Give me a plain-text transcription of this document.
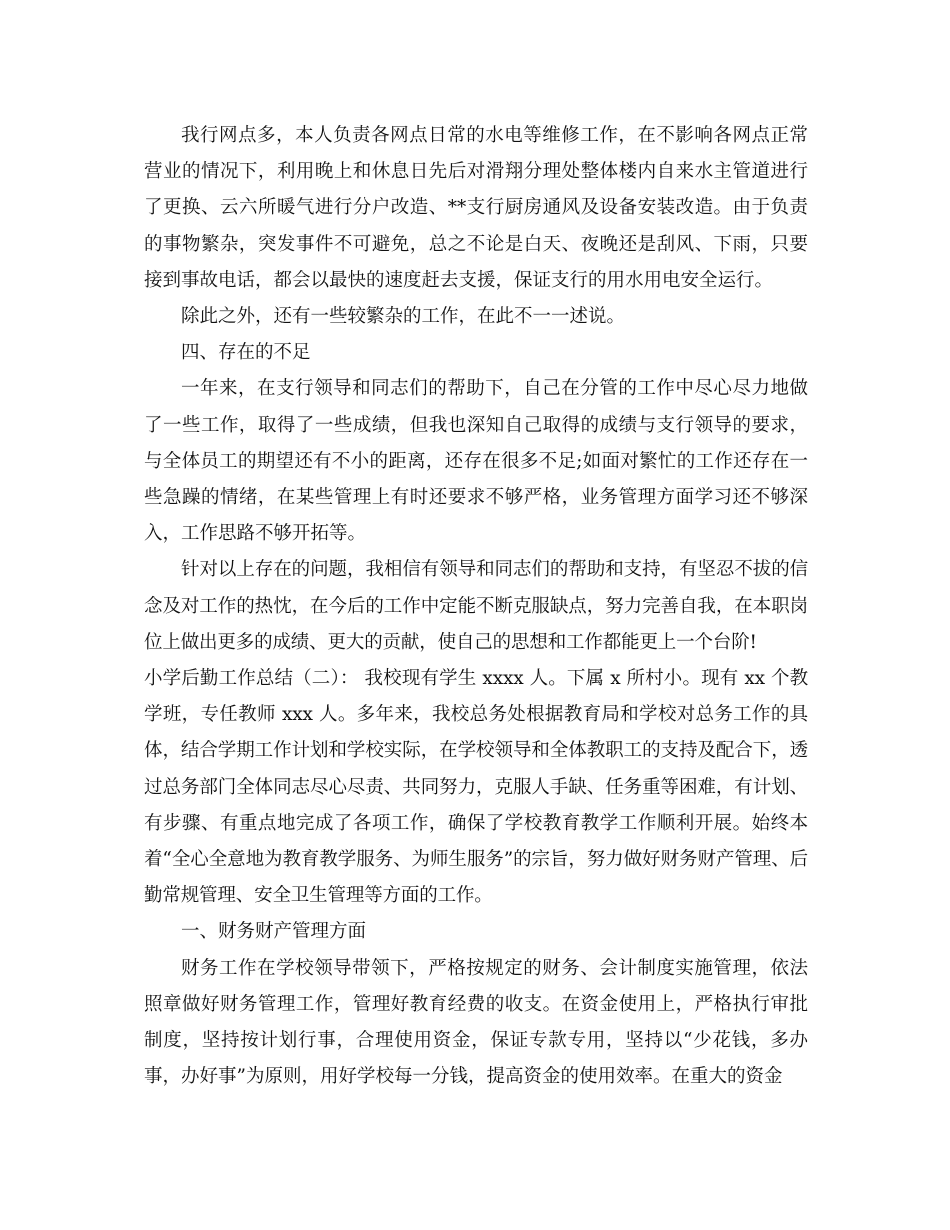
我行网点多，本人负责各网点日常的水电等维修工作，在不影响各网点正常营业的情况下，利用晚上和休息日先后对滑翔分理处整体楼内自来水主管道进行了更换、云六所暖气进行分户改造、**支行厨房通风及设备安装改造。由于负责的事物繁杂，突发事件不可避免，总之不论是白天、夜晚还是刮风、下雨，只要接到事故电话，都会以最快的速度赶去支援，保证支行的用水用电安全运行。

除此之外，还有一些较繁杂的工作，在此不一一述说。

四、存在的不足

一年来，在支行领导和同志们的帮助下，自己在分管的工作中尽心尽力地做了一些工作，取得了一些成绩，但我也深知自己取得的成绩与支行领导的要求，与全体员工的期望还有不小的距离，还存在很多不足;如面对繁忙的工作还存在一些急躁的情绪，在某些管理上有时还要求不够严格，业务管理方面学习还不够深入，工作思路不够开拓等。

针对以上存在的问题，我相信有领导和同志们的帮助和支持，有坚忍不拔的信念及对工作的热忱，在今后的工作中定能不断克服缺点，努力完善自我，在本职岗位上做出更多的成绩、更大的贡献，使自己的思想和工作都能更上一个台阶!

小学后勤工作总结（二）： 我校现有学生 xxxx 人。下属 x 所村小。现有 xx 个教学班，专任教师 xxx 人。多年来，我校总务处根据教育局和学校对总务工作的具体，结合学期工作计划和学校实际，在学校领导和全体教职工的支持及配合下，透过总务部门全体同志尽心尽责、共同努力，克服人手缺、任务重等困难，有计划、有步骤、有重点地完成了各项工作，确保了学校教育教学工作顺利开展。始终本着“全心全意地为教育教学服务、为师生服务”的宗旨，努力做好财务财产管理、后勤常规管理、安全卫生管理等方面的工作。

一、财务财产管理方面

财务工作在学校领导带领下，严格按规定的财务、会计制度实施管理，依法照章做好财务管理工作，管理好教育经费的收支。在资金使用上，严格执行审批制度，坚持按计划行事，合理使用资金，保证专款专用，坚持以“少花钱，多办事，办好事”为原则，用好学校每一分钱，提高资金的使用效率。在重大的资金
